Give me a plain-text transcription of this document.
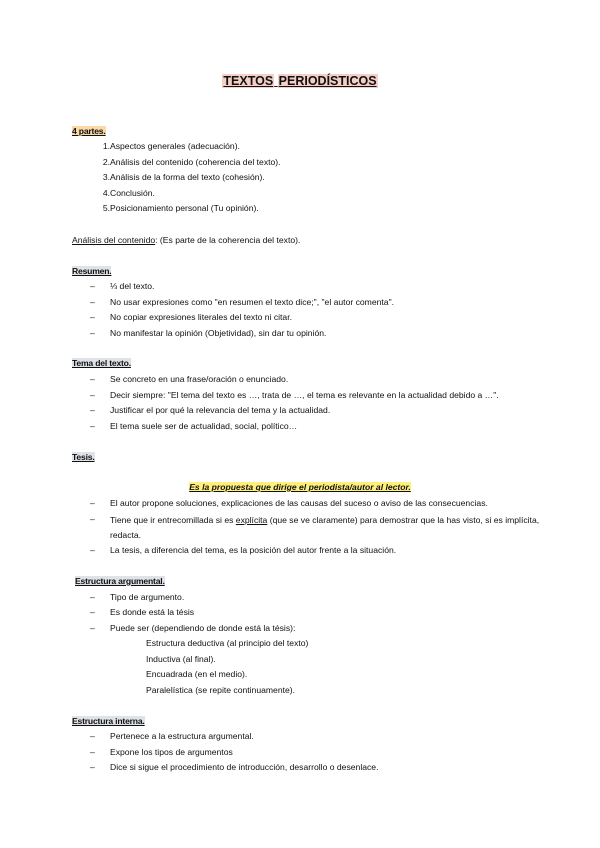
TEXTOS PERIODÍSTICOS
4 partes.
1. Aspectos generales (adecuación).
2. Análisis del contenido (coherencia del texto).
3. Análisis de la forma del texto (cohesión).
4. Conclusión.
5. Posicionamiento personal (Tu opinión).
Análisis del contenido: (Es parte de la coherencia del texto).
Resumen.
– ⅓ del texto.
– No usar expresiones como "en resumen el texto dice;", "el autor comenta".
– No copiar expresiones literales del texto ni citar.
– No manifestar la opinión (Objetividad), sin dar tu opinión.
Tema del texto.
– Se concreto en una frase/oración o enunciado.
– Decir siempre: "El tema del texto es …, trata de …, el tema es relevante en la actualidad debido a …".
– Justificar el por qué la relevancia del tema y la actualidad.
– El tema suele ser de actualidad, social, político…
Tesis.
Es la propuesta que dirige el periodista/autor al lector.
– El autor propone soluciones, explicaciones de las causas del suceso o aviso de las consecuencias.
– Tiene que ir entrecomillada si es explícita (que se ve claramente) para demostrar que la has visto, si es implícita, redacta.
– La tesis, a diferencia del tema, es la posición del autor frente a la situación.
Estructura argumental.
– Tipo de argumento.
– Es donde está la tésis
– Puede ser (dependiendo de donde está la tésis):
Estructura deductiva (al principio del texto)
Inductiva (al final).
Encuadrada (en el medio).
Paralelística (se repite continuamente).
Estructura interna.
– Pertenece a la estructura argumental.
– Expone los tipos de argumentos
– Dice si sigue el procedimiento de introducción, desarrollo o desenlace.
